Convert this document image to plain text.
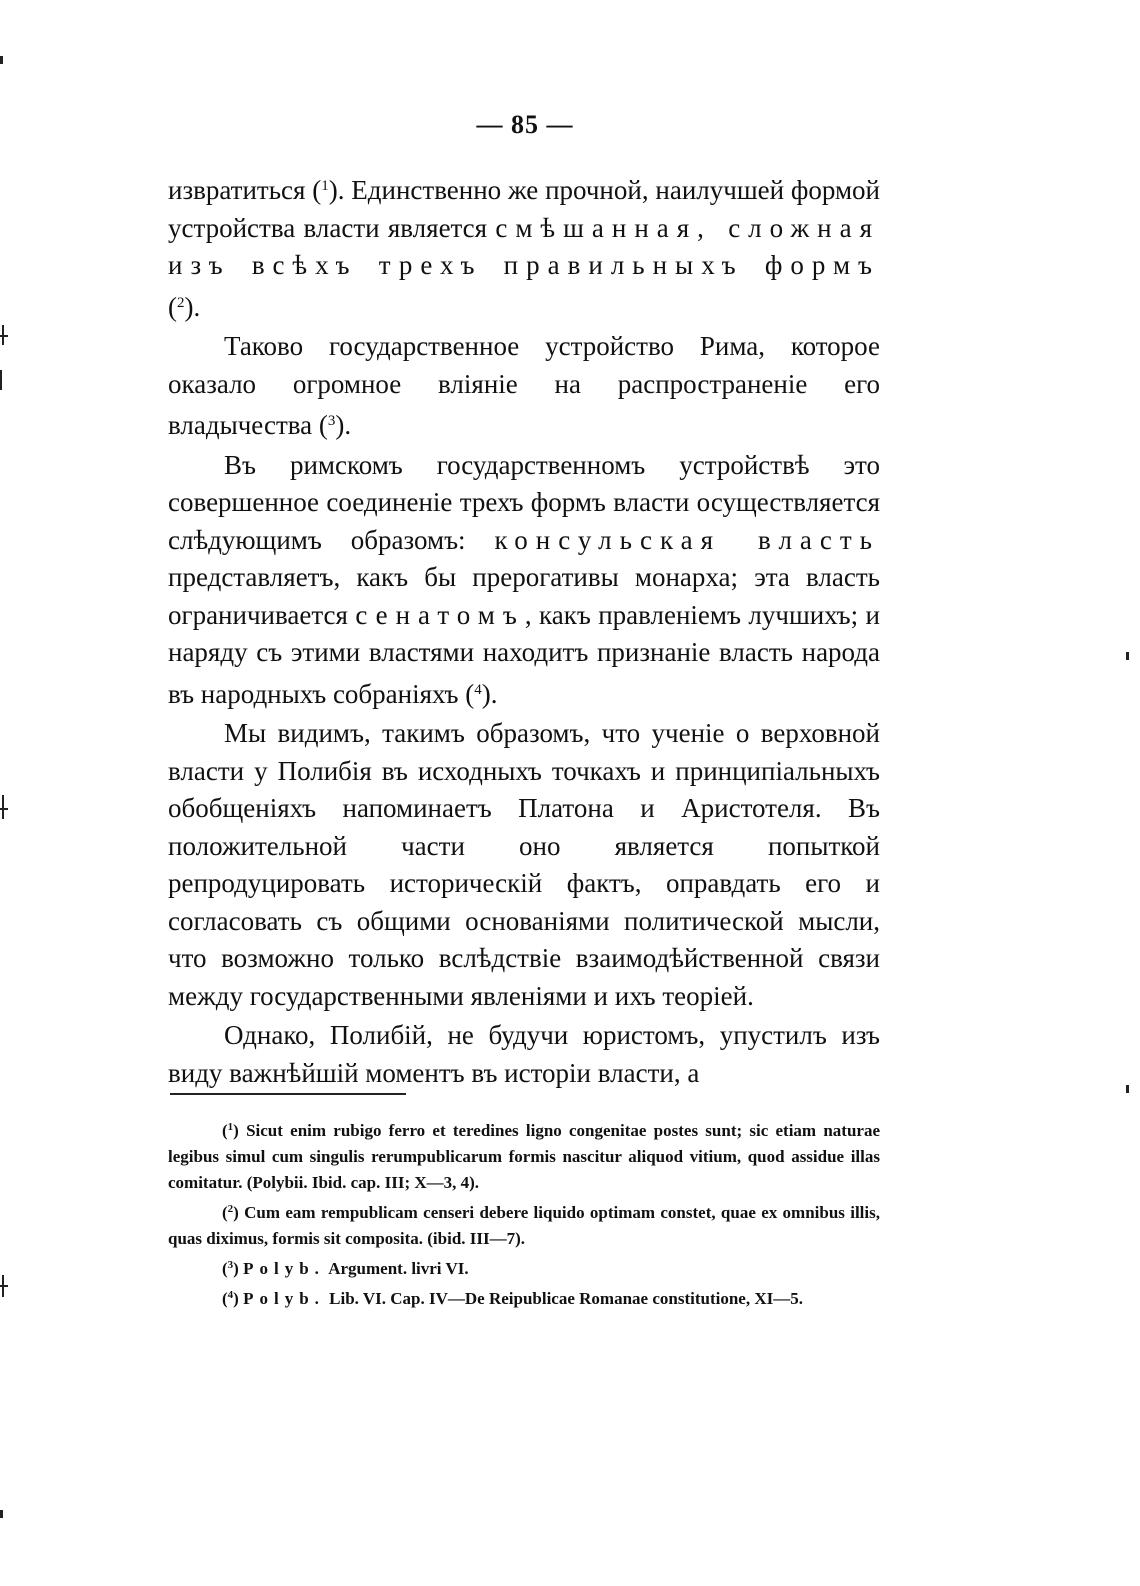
— 85 —

извратиться ($^1$). Единственно же прочной, наилучшей формой устройства власти является смѣшанная, сложная изъ всѣхъ трехъ правильныхъ формъ ($^2$).

Таково государственное устройство Рима, которое оказало огромное вліяніе на распространеніе его владычества ($^3$).

Въ римскомъ государственномъ устройствѣ это совершенное соединеніе трехъ формъ власти осуществляется слѣдующимъ образомъ: консульская власть представляетъ, какъ бы прерогативы монарха; эта власть ограничивается сенатомъ, какъ правленіемъ лучшихъ; и наряду съ этими властями находитъ признаніе власть народа въ народныхъ собраніяхъ ($^4$).

Мы видимъ, такимъ образомъ, что ученіе о верховной власти у Полибія въ исходныхъ точкахъ и принципіальныхъ обобщеніяхъ напоминаетъ Платона и Аристотеля. Въ положительной части оно является попыткой репродуцировать историческій фактъ, оправдать его и согласовать съ общими основаніями политической мысли, что возможно только вслѣдствіе взаимодѣйственной связи между государственными явленіями и ихъ теоріей.

Однако, Полибій, не будучи юристомъ, упустилъ изъ виду важнѣйшій моментъ въ исторіи власти, а

($^1$) Sicut enim rubigo ferro et teredines ligno congenitae postes sunt; sic etiam naturae legibus simul cum singulis rerumpublicarum formis nascitur aliquod vitium, quod assidue illas comitatur. (Polybii. Ibid. cap. III; X—3, 4).

($^2$) Cum eam rempublicam censeri debere liquido optimam constet, quae ex omnibus illis, quas diximus, formis sit composita. (ibid. III—7).

($^3$) Polyb. Argument. livri VI.

($^4$) Polyb. Lib. VI. Cap. IV—De Reipublicae Romanae constitutione, XI—5.
